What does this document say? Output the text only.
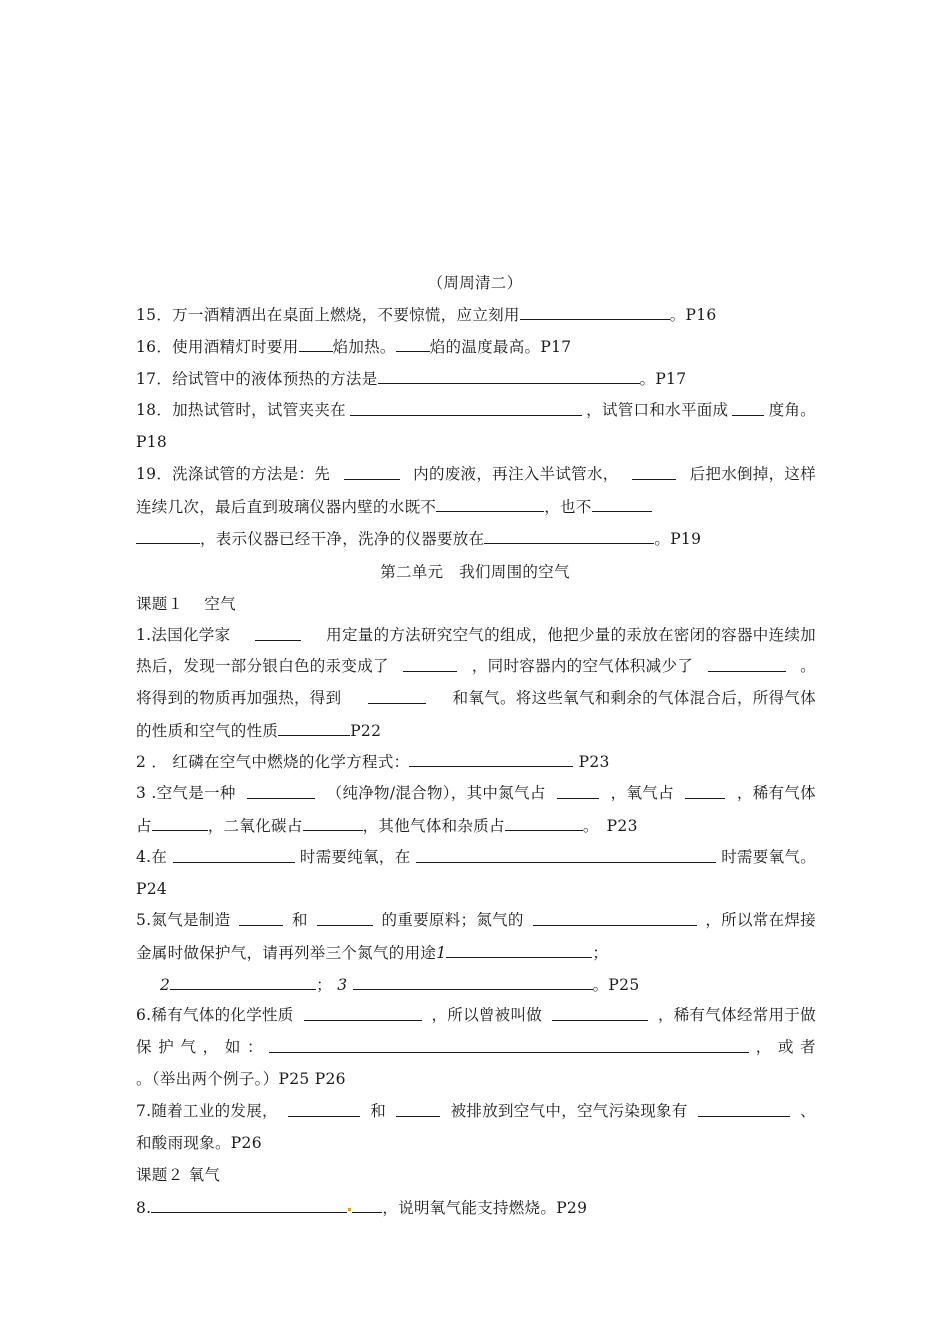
（周周清二）
15．万一酒精洒出在桌面上燃烧，不要惊慌，应立刻用	。P16
16．使用酒精灯时要用 焰加热。 焰的温度最高。P17
17．给试管中的液体预热的方法是	。P17
18．加热试管时，试管夹夹在	，试管口和水平面成	度角。
P18
19．洗涤试管的方法是：先	内的废液，再注入半试管水，	后把水倒掉，这样
连续几次，最后直到玻璃仪器内壁的水既不	，也不
，表示仪器已经干净，洗净的仪器要放在	。P19
第二单元　我们周围的空气
课题１　 空气
1.法国化学家	用定量的方法研究空气的组成，他把少量的汞放在密闭的容器中连续加
热后，发现一部分银白色的汞变成了	，同时容器内的空气体积减少了	。
将得到的物质再加强热，得到	和氧气。将这些氧气和剩余的气体混合后，所得气体
的性质和空气的性质	P22
2 ． 红磷在空气中燃烧的化学方程式：	P23
3 .空气是一种	（纯净物/混合物），其中氮气占	，氧气占	，稀有气体
占	，二氧化碳占	，其他气体和杂质占	。　P23
4.在	时需要纯氧，在	时需要氧气。
P24
5.氮气是制造	和	的重要原料；氮气的	，所以常在焊接
金属时做保护气，请再列举三个氮气的用途1	；
2	； 3	。P25
6.稀有气体的化学性质	，所以曾被叫做	，稀有气体经常用于做
保 护 气 ， 如 ：	， 或 者
。（举出两个例子。）P25 P26
7.随着工业的发展，	和	被排放到空气中，空气污染现象有	、
和酸雨现象。P26
课题２ 氧气
8.	，说明氧气能支持燃烧。P29
